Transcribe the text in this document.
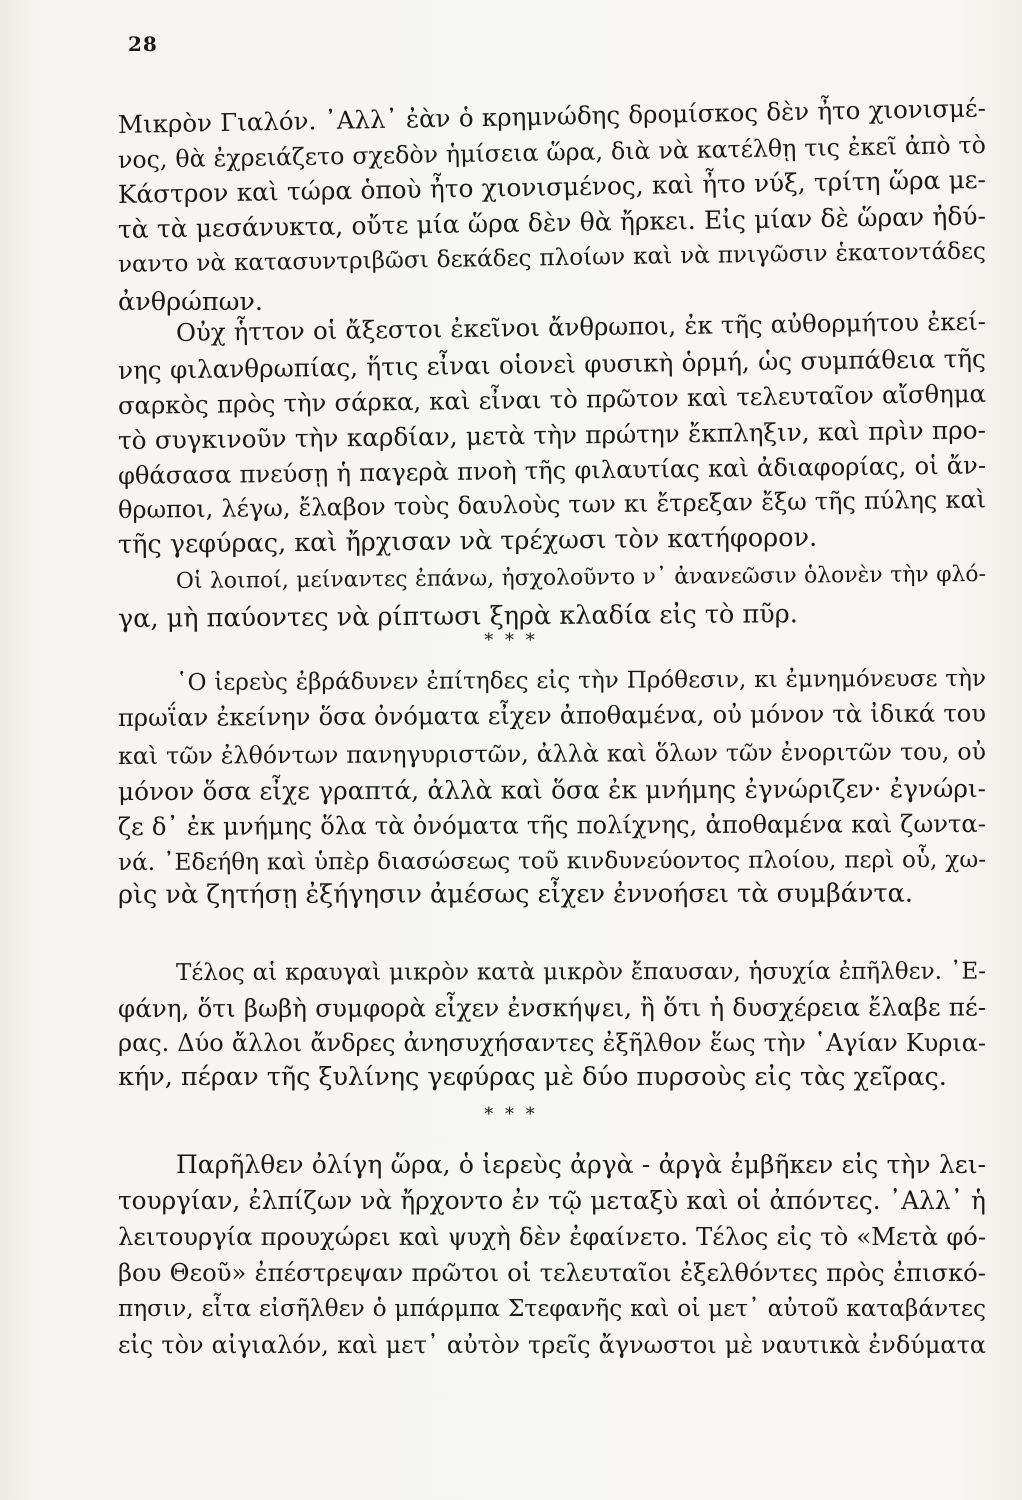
28
Μικρὸν Γιαλόν. ᾿Αλλ᾿ ἐὰν ὁ κρημνώδης δρομίσκος δὲν ἦτο χιονισμέ-
νος, θὰ ἐχρειάζετο σχεδὸν ἡμίσεια ὥρα, διὰ νὰ κατέλθῃ τις ἐκεῖ ἀπὸ τὸ
Κάστρον καὶ τώρα ὁποὺ ἦτο χιονισμένος, καὶ ἦτο νύξ, τρίτη ὥρα με-
τὰ τὰ μεσάνυκτα, οὔτε μία ὥρα δὲν θὰ ἤρκει. Εἰς μίαν δὲ ὥραν ἠδύ-
ναντο νὰ κατασυντριβῶσι δεκάδες πλοίων καὶ νὰ πνιγῶσιν ἑκατοντάδες
ἀνθρώπων.
Οὐχ ἧττον οἱ ἄξεστοι ἐκεῖνοι ἄνθρωποι, ἐκ τῆς αὐθορμήτου ἐκεί-
νης φιλανθρωπίας, ἥτις εἶναι οἱονεὶ φυσικὴ ὁρμή, ὡς συμπάθεια τῆς
σαρκὸς πρὸς τὴν σάρκα, καὶ εἶναι τὸ πρῶτον καὶ τελευταῖον αἴσθημα
τὸ συγκινοῦν τὴν καρδίαν, μετὰ τὴν πρώτην ἔκπληξιν, καὶ πρὶν προ-
φθάσασα πνεύσῃ ἡ παγερὰ πνοὴ τῆς φιλαυτίας καὶ ἀδιαφορίας, οἱ ἄν-
θρωποι, λέγω, ἔλαβον τοὺς δαυλοὺς των κι ἔτρεξαν ἔξω τῆς πύλης καὶ
τῆς γεφύρας, καὶ ἤρχισαν νὰ τρέχωσι τὸν κατήφορον.
Οἱ λοιποί, μείναντες ἐπάνω, ἠσχολοῦντο ν᾿ ἀνανεῶσιν ὁλονὲν τὴν φλό-
γα, μὴ παύοντες νὰ ρίπτωσι ξηρὰ κλαδία εἰς τὸ πῦρ.
* * *
῾Ο ἱερεὺς ἐβράδυνεν ἐπίτηδες εἰς τὴν Πρόθεσιν, κι ἐμνημόνευσε τὴν
πρωΐαν ἐκείνην ὅσα ὀνόματα εἶχεν ἀποθαμένα, οὐ μόνον τὰ ἰδικά του
καὶ τῶν ἐλθόντων πανηγυριστῶν, ἀλλὰ καὶ ὅλων τῶν ἐνοριτῶν του, οὐ
μόνον ὅσα εἶχε γραπτά, ἀλλὰ καὶ ὅσα ἐκ μνήμης ἐγνώριζεν· ἐγνώρι-
ζε δ᾿ ἐκ μνήμης ὅλα τὰ ὀνόματα τῆς πολίχνης, ἀποθαμένα καὶ ζωντα-
νά. ᾿Εδεήθη καὶ ὑπὲρ διασώσεως τοῦ κινδυνεύοντος πλοίου, περὶ οὗ, χω-
ρὶς νὰ ζητήσῃ ἐξήγησιν ἀμέσως εἶχεν ἐννοήσει τὰ συμβάντα.
Τέλος αἱ κραυγαὶ μικρὸν κατὰ μικρὸν ἔπαυσαν, ἡσυχία ἐπῆλθεν. ᾿Ε-
φάνη, ὅτι βωβὴ συμφορὰ εἶχεν ἐνσκήψει, ἢ ὅτι ἡ δυσχέρεια ἔλαβε πέ-
ρας. Δύο ἄλλοι ἄνδρες ἀνησυχήσαντες ἐξῆλθον ἕως τὴν ῾Αγίαν Κυρια-
κήν, πέραν τῆς ξυλίνης γεφύρας μὲ δύο πυρσοὺς εἰς τὰς χεῖρας.
* * *
Παρῆλθεν ὀλίγη ὥρα, ὁ ἱερεὺς ἀργὰ - ἀργὰ ἐμβῆκεν εἰς τὴν λει-
τουργίαν, ἐλπίζων νὰ ἤρχοντο ἐν τῷ μεταξὺ καὶ οἱ ἀπόντες. ᾿Αλλ᾿ ἡ
λειτουργία προυχώρει καὶ ψυχὴ δὲν ἐφαίνετο. Τέλος εἰς τὸ «Μετὰ φό-
βου Θεοῦ» ἐπέστρεψαν πρῶτοι οἱ τελευταῖοι ἐξελθόντες πρὸς ἐπισκό-
πησιν, εἶτα εἰσῆλθεν ὁ μπάρμπα Στεφανῆς καὶ οἱ μετ᾿ αὐτοῦ καταβάντες
εἰς τὸν αἰγιαλόν, καὶ μετ᾿ αὐτὸν τρεῖς ἄγνωστοι μὲ ναυτικὰ ἐνδύματα
